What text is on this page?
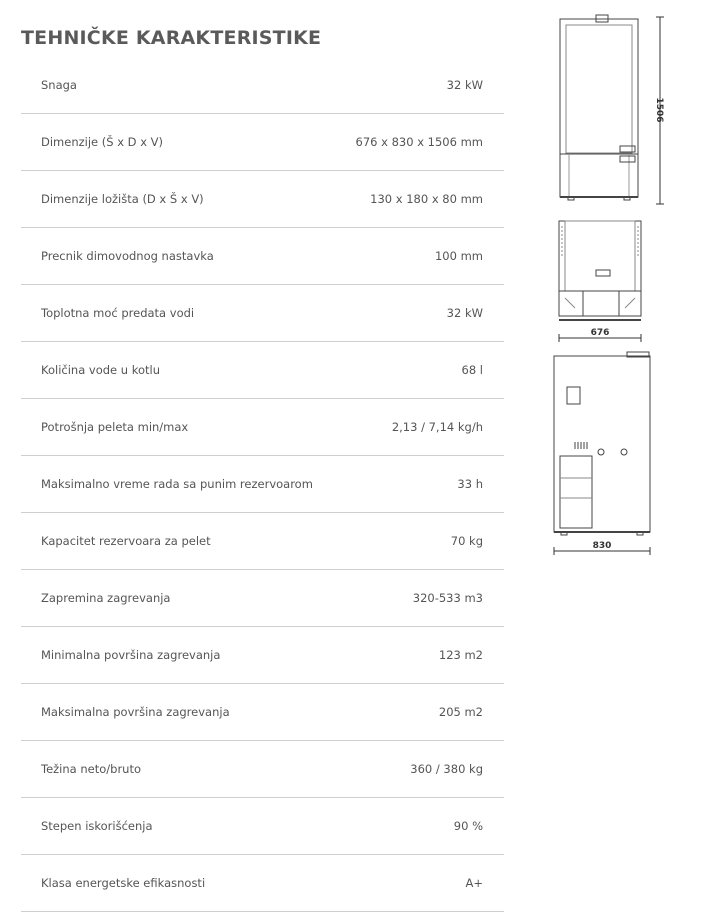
TEHNIČKE KARAKTERISTIKE
Snaga	32 kW
Dimenzije (Š x D x V)	676 x 830 x 1506 mm
Dimenzije ložišta (D x Š x V)	130 x 180 x 80 mm
Precnik dimovodnog nastavka	100 mm
Toplotna moć predata vodi	32 kW
Količina vode u kotlu	68 l
Potrošnja peleta min/max	2,13 / 7,14 kg/h
Maksimalno vreme rada sa punim rezervoarom	33 h
Kapacitet rezervoara za pelet	70 kg
Zapremina zagrevanja	320-533 m3
Minimalna površina zagrevanja	123 m2
Maksimalna površina zagrevanja	205 m2
Težina neto/bruto	360 / 380 kg
Stepen iskorišćenja	90 %
Klasa energetske efikasnosti	A+
1506
676
830
